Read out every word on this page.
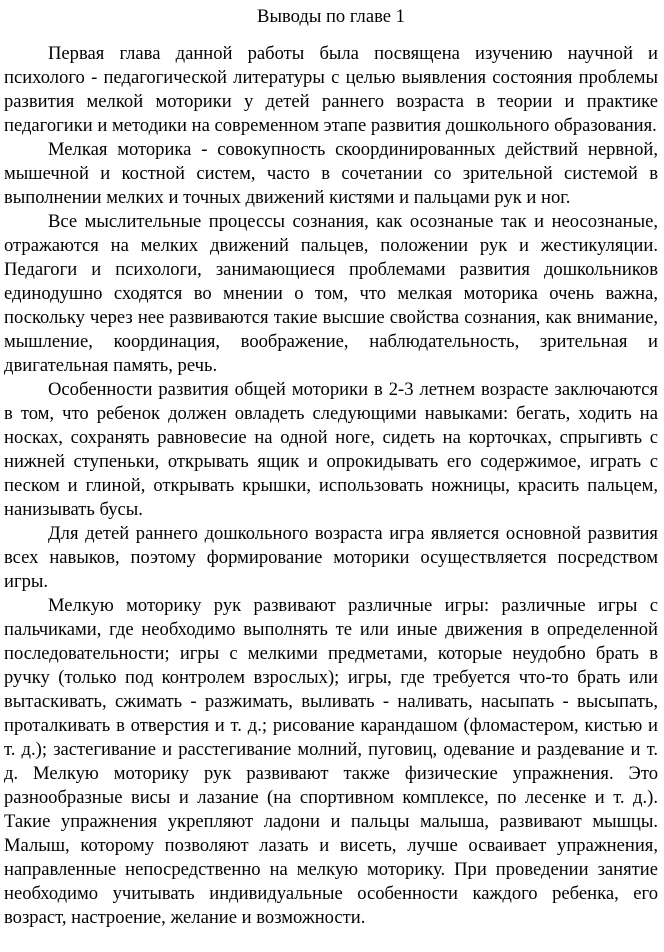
Выводы по главе 1

Первая глава данной работы была посвящена изучению научной и психолого - педагогической литературы с целью выявления состояния проблемы развития мелкой моторики у детей раннего возраста в теории и практике педагогики и методики на современном этапе развития дошкольного образования.

Мелкая моторика - совокупность скоординированных действий нервной, мышечной и костной систем, часто в сочетании со зрительной системой в выполнении мелких и точных движений кистями и пальцами рук и ног.

Все мыслительные процессы сознания, как осознаные так и неосознаные, отражаются на мелких движений пальцев, положении рук и жестикуляции. Педагоги и психологи, занимающиеся проблемами развития дошкольников единодушно сходятся во мнении о том, что мелкая моторика очень важна, поскольку через нее развиваются такие высшие свойства сознания, как внимание, мышление, координация, воображение, наблюдательность, зрительная и двигательная память, речь.

Особенности развития общей моторики в 2-3 летнем возрасте заключаются в том, что ребенок должен овладеть следующими навыками: бегать, ходить на носках, сохранять равновесие на одной ноге, сидеть на корточках, спрыгивть с нижней ступеньки, открывать ящик и опрокидывать его содержимое, играть с песком и глиной, открывать крышки, использовать ножницы, красить пальцем, нанизывать бусы.

Для детей раннего дошкольного возраста игра является основной развития всех навыков, поэтому формирование моторики осуществляется посредством игры.

Мелкую моторику рук развивают различные игры: различные игры с пальчиками, где необходимо выполнять те или иные движения в определенной последовательности; игры с мелкими предметами, которые неудобно брать в ручку (только под контролем взрослых); игры, где требуется что-то брать или вытаскивать, сжимать - разжимать, выливать - наливать, насыпать - высыпать, проталкивать в отверстия и т. д.; рисование карандашом (фломастером, кистью и т. д.); застегивание и расстегивание молний, пуговиц, одевание и раздевание и т. д. Мелкую моторику рук развивают также физические упражнения. Это разнообразные висы и лазание (на спортивном комплексе, по лесенке и т. д.). Такие упражнения укрепляют ладони и пальцы малыша, развивают мышцы. Малыш, которому позволяют лазать и висеть, лучше осваивает упражнения, направленные непосредственно на мелкую моторику. При проведении занятие необходимо учитывать индивидуальные особенности каждого ребенка, его возраст, настроение, желание и возможности.
